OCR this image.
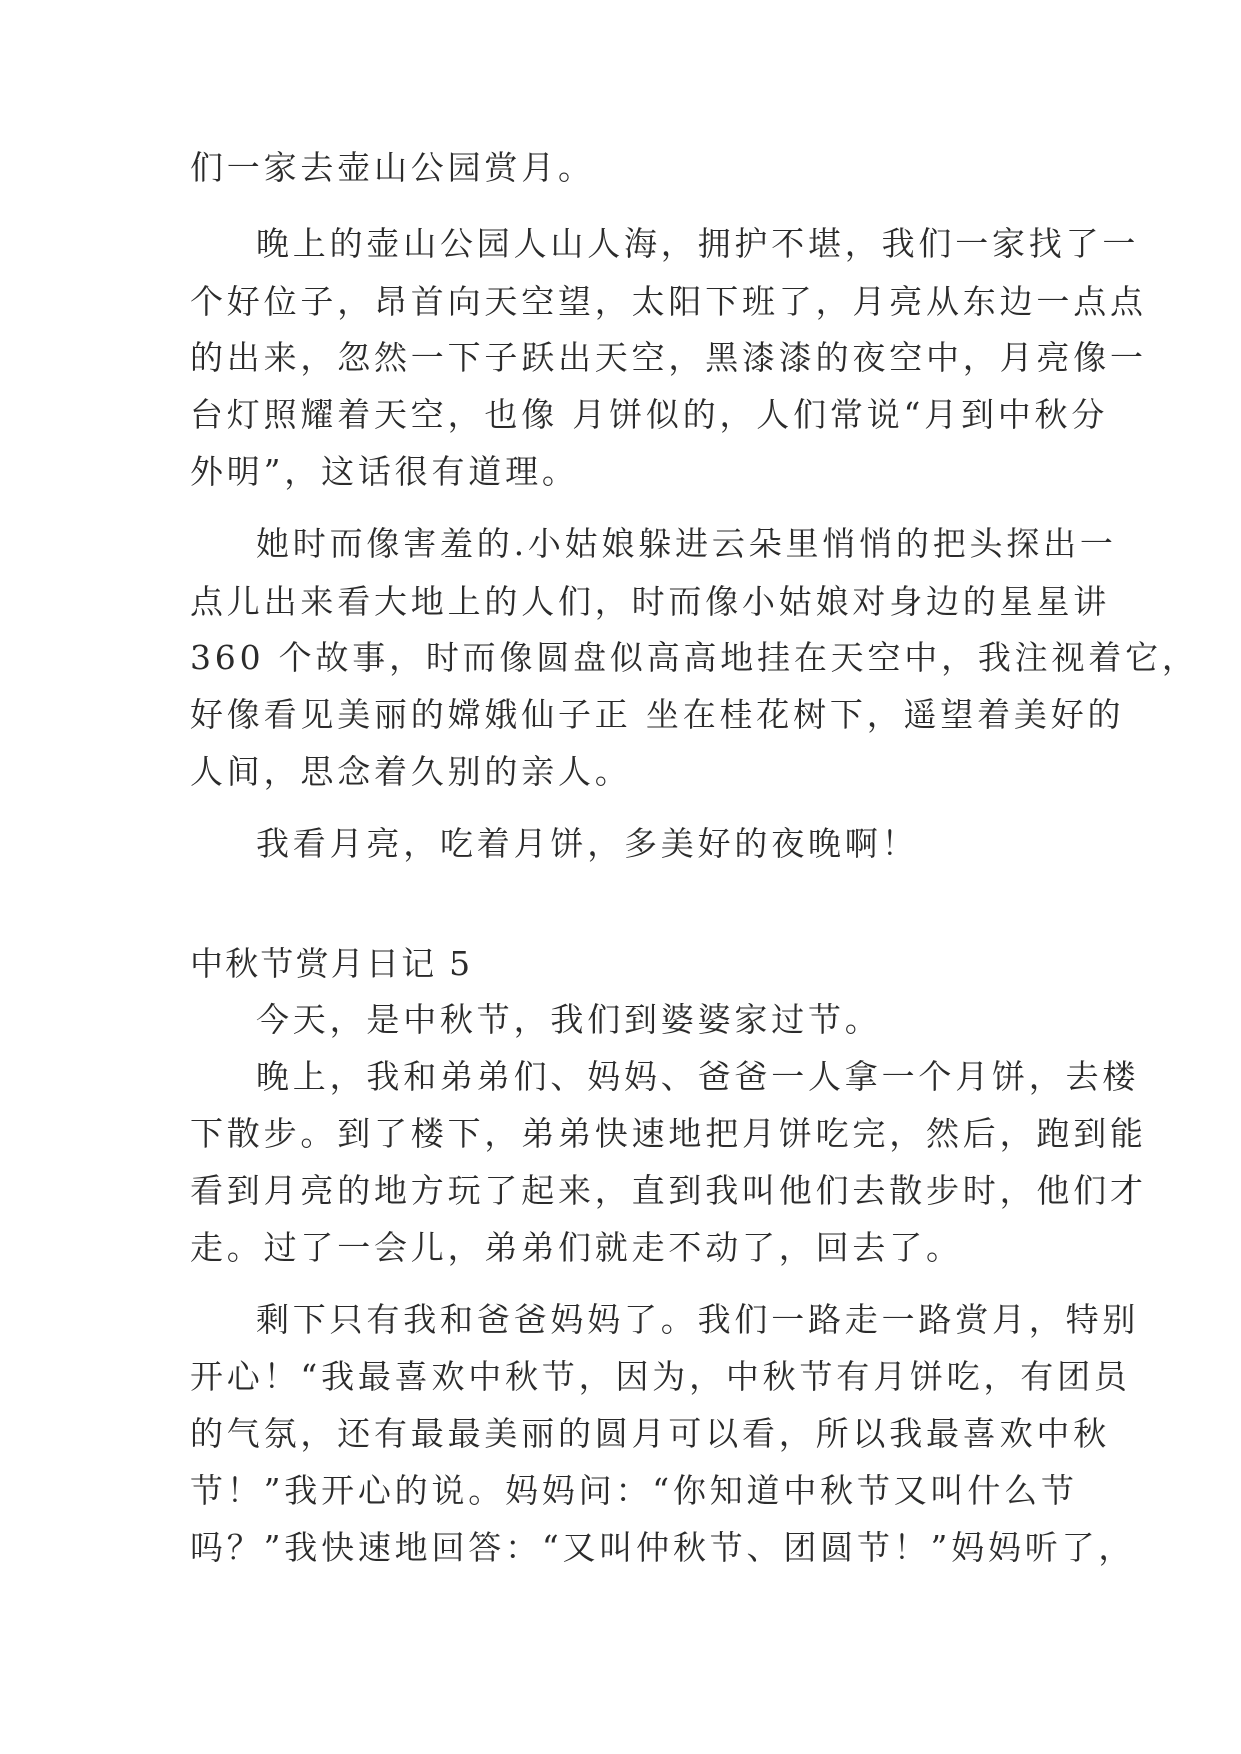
们一家去壶山公园赏月。
晚上的壶山公园人山人海，拥护不堪，我们一家找了一
个好位子，昂首向天空望，太阳下班了，月亮从东边一点点
的出来，忽然一下子跃出天空，黑漆漆的夜空中，月亮像一
台灯照耀着天空，也像 月饼似的，人们常说“月到中秋分
外明”，这话很有道理。
她时而像害羞的.小姑娘躲进云朵里悄悄的把头探出一
点儿出来看大地上的人们，时而像小姑娘对身边的星星讲
360 个故事，时而像圆盘似高高地挂在天空中，我注视着它，
好像看见美丽的嫦娥仙子正 坐在桂花树下，遥望着美好的
人间，思念着久别的亲人。
我看月亮，吃着月饼，多美好的夜晚啊！
中秋节赏月日记 5
今天，是中秋节，我们到婆婆家过节。
晚上，我和弟弟们、妈妈、爸爸一人拿一个月饼，去楼
下散步。到了楼下，弟弟快速地把月饼吃完，然后，跑到能
看到月亮的地方玩了起来，直到我叫他们去散步时，他们才
走。过了一会儿，弟弟们就走不动了，回去了。
剩下只有我和爸爸妈妈了。我们一路走一路赏月，特别
开心！“我最喜欢中秋节，因为，中秋节有月饼吃，有团员
的气氛，还有最最美丽的圆月可以看，所以我最喜欢中秋
节！”我开心的说。妈妈问：“你知道中秋节又叫什么节
吗？”我快速地回答：“又叫仲秋节、团圆节！”妈妈听了，
